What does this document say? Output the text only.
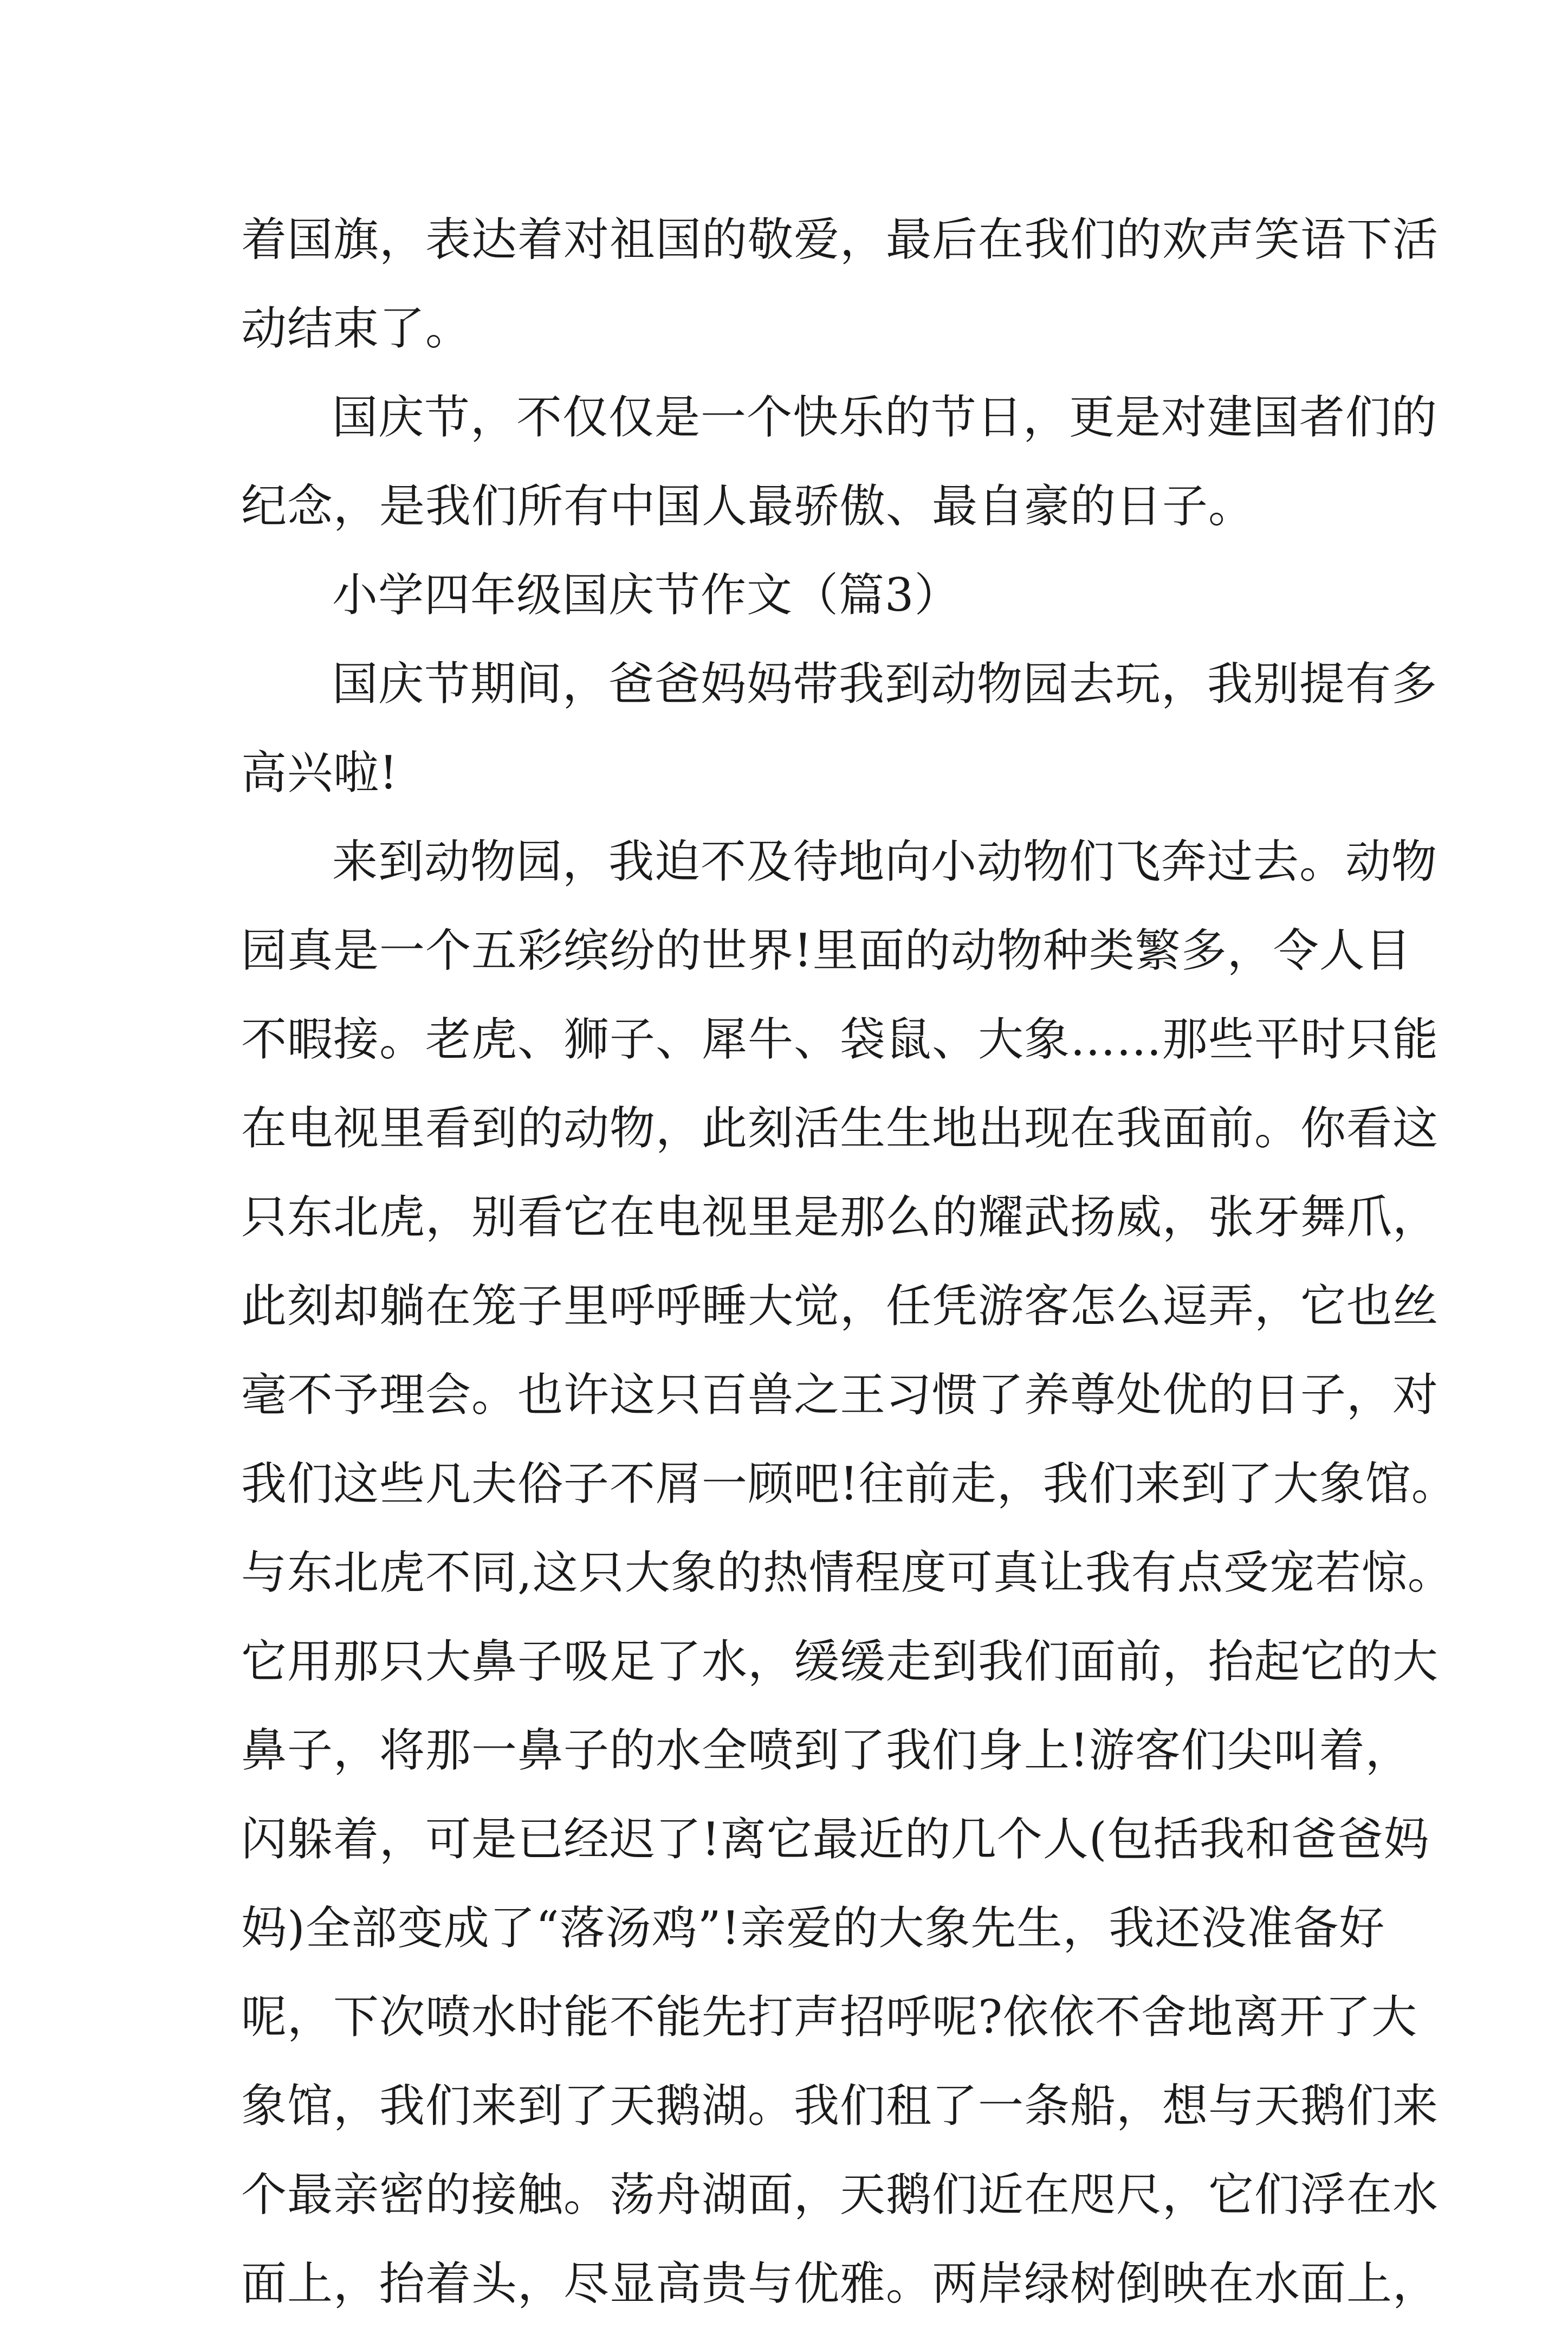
着国旗，表达着对祖国的敬爱，最后在我们的欢声笑语下活
动结束了。
国庆节，不仅仅是一个快乐的节日，更是对建国者们的
纪念，是我们所有中国人最骄傲、最自豪的日子。
小学四年级国庆节作文（篇3）
国庆节期间，爸爸妈妈带我到动物园去玩，我别提有多
高兴啦!
来到动物园，我迫不及待地向小动物们飞奔过去。动物
园真是一个五彩缤纷的世界!里面的动物种类繁多，令人目
不暇接。老虎、狮子、犀牛、袋鼠、大象……那些平时只能
在电视里看到的动物，此刻活生生地出现在我面前。你看这
只东北虎，别看它在电视里是那么的耀武扬威，张牙舞爪，
此刻却躺在笼子里呼呼睡大觉，任凭游客怎么逗弄，它也丝
毫不予理会。也许这只百兽之王习惯了养尊处优的日子，对
我们这些凡夫俗子不屑一顾吧!往前走，我们来到了大象馆。
与东北虎不同,这只大象的热情程度可真让我有点受宠若惊。
它用那只大鼻子吸足了水，缓缓走到我们面前，抬起它的大
鼻子，将那一鼻子的水全喷到了我们身上!游客们尖叫着，
闪躲着，可是已经迟了!离它最近的几个人(包括我和爸爸妈
妈)全部变成了“落汤鸡”!亲爱的大象先生，我还没准备好
呢，下次喷水时能不能先打声招呼呢?依依不舍地离开了大
象馆，我们来到了天鹅湖。我们租了一条船，想与天鹅们来
个最亲密的接触。荡舟湖面，天鹅们近在咫尺，它们浮在水
面上，抬着头，尽显高贵与优雅。两岸绿树倒映在水面上，
